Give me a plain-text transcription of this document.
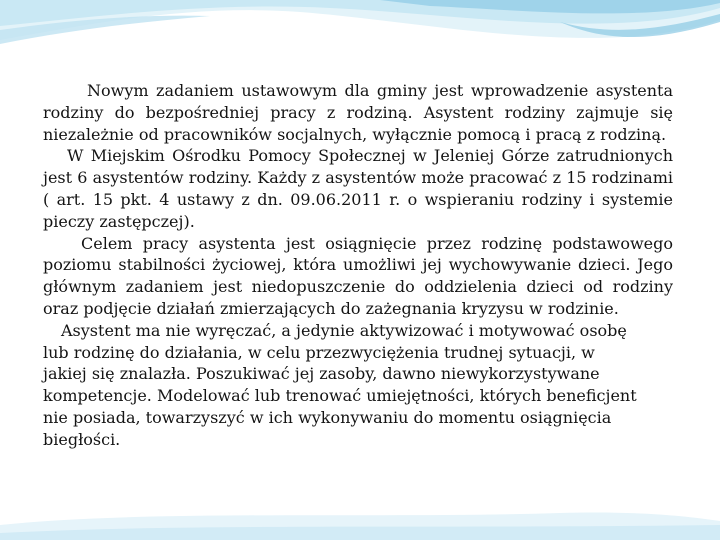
Nowym zadaniem ustawowym dla gminy jest wprowadzenie asystenta rodziny do bezpośredniej pracy z rodziną. Asystent rodziny zajmuje się niezależnie od pracowników socjalnych, wyłącznie pomocą i pracą z rodziną.

W Miejskim Ośrodku Pomocy Społecznej w Jeleniej Górze zatrudnionych jest 6 asystentów rodziny. Każdy z asystentów może pracować z 15 rodzinami ( art. 15 pkt. 4 ustawy z dn. 09.06.2011 r. o wspieraniu rodziny i systemie pieczy zastępczej).

Celem pracy asystenta jest osiągnięcie przez rodzinę podstawowego poziomu stabilności życiowej, która umożliwi jej wychowywanie dzieci. Jego głównym zadaniem jest niedopuszczenie do oddzielenia dzieci od rodziny oraz podjęcie działań zmierzających do zażegnania kryzysu w rodzinie.

Asystent ma nie wyręczać, a jedynie aktywizować i motywować osobę lub rodzinę do działania, w celu przezwyciężenia trudnej sytuacji, w jakiej się znalazła. Poszukiwać jej zasoby, dawno niewykorzystywane kompetencje. Modelować lub trenować umiejętności, których beneficjent nie posiada, towarzyszyć w ich wykonywaniu do momentu osiągnięcia biegłości.
